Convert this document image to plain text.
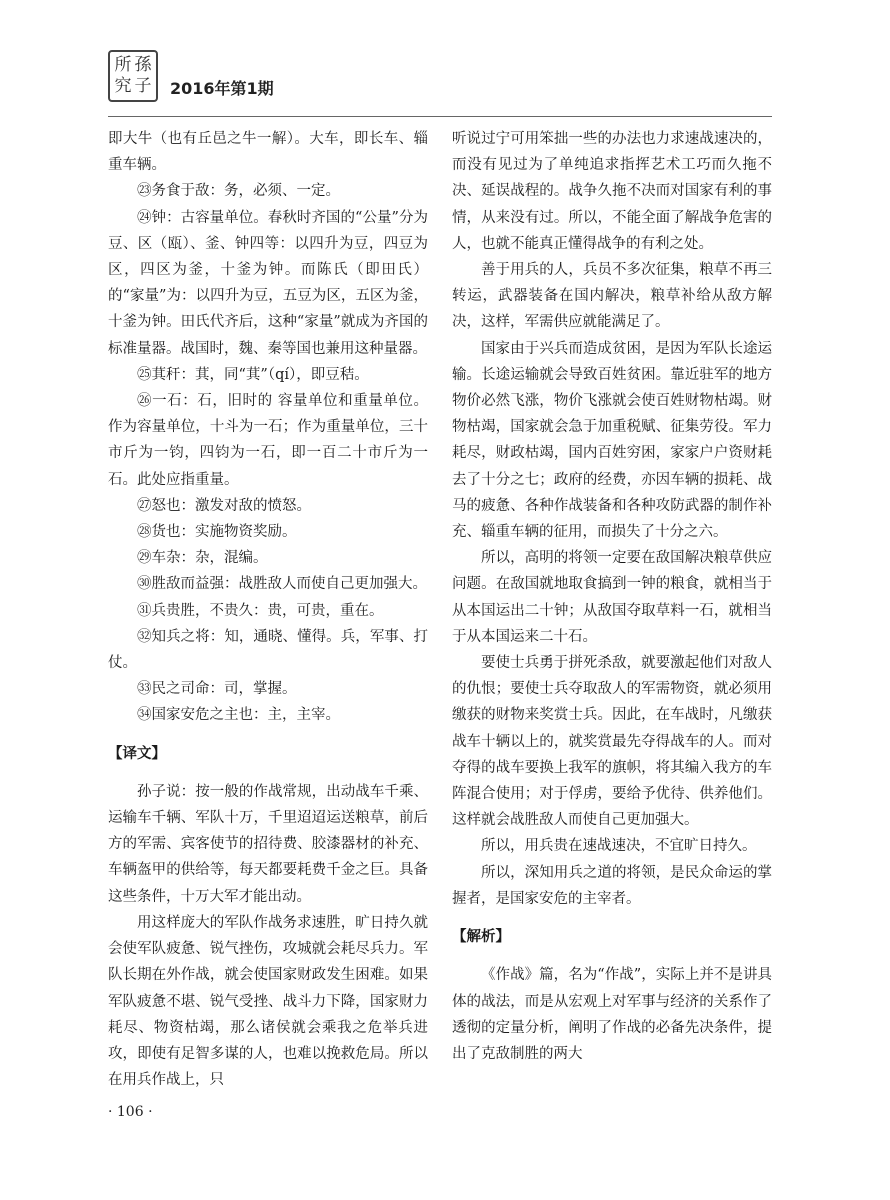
所 孫
究 子 2016年第1期

即大牛（也有丘邑之牛一解）。大车，即长车、辎重车辆。

㉓务食于敌：务，必须、一定。

㉔钟：古容量单位。春秋时齐国的“公量”分为豆、区（瓯）、釜、钟四等：以四升为豆，四豆为区，四区为釜，十釜为钟。而陈氏（即田氏）的“家量”为：以四升为豆，五豆为区，五区为釜，十釜为钟。田氏代齐后，这种“家量”就成为齐国的标准量器。战国时，魏、秦等国也兼用这种量器。

㉕萁秆：萁，同“萁”（qí），即豆秸。

㉖一石：石，旧时的 容量单位和重量单位。作为容量单位，十斗为一石；作为重量单位，三十市斤为一钧，四钧为一石，即一百二十市斤为一石。此处应指重量。

㉗怒也：激发对敌的愤怒。

㉘货也：实施物资奖励。

㉙车杂：杂，混编。

㉚胜敌而益强：战胜敌人而使自己更加强大。

㉛兵贵胜，不贵久：贵，可贵，重在。

㉜知兵之将：知，通晓、懂得。兵，军事、打仗。

㉝民之司命：司，掌握。

㉞国家安危之主也：主，主宰。

【译文】

孙子说：按一般的作战常规，出动战车千乘、运输车千辆、军队十万，千里迢迢运送粮草，前后方的军需、宾客使节的招待费、胶漆器材的补充、车辆盔甲的供给等，每天都要耗费千金之巨。具备这些条件，十万大军才能出动。

用这样庞大的军队作战务求速胜，旷日持久就会使军队疲惫、锐气挫伤，攻城就会耗尽兵力。军队长期在外作战，就会使国家财政发生困难。如果军队疲惫不堪、锐气受挫、战斗力下降，国家财力耗尽、物资枯竭，那么诸侯就会乘我之危举兵进攻，即使有足智多谋的人，也难以挽救危局。所以在用兵作战上，只

听说过宁可用笨拙一些的办法也力求速战速决的，而没有见过为了单纯追求指挥艺术工巧而久拖不决、延误战程的。战争久拖不决而对国家有利的事情，从来没有过。所以，不能全面了解战争危害的人，也就不能真正懂得战争的有利之处。

善于用兵的人，兵员不多次征集，粮草不再三转运，武器装备在国内解决，粮草补给从敌方解决，这样，军需供应就能满足了。

国家由于兴兵而造成贫困，是因为军队长途运输。长途运输就会导致百姓贫困。靠近驻军的地方物价必然飞涨，物价飞涨就会使百姓财物枯竭。财物枯竭，国家就会急于加重税赋、征集劳役。军力耗尽，财政枯竭，国内百姓穷困，家家户户资财耗去了十分之七；政府的经费，亦因车辆的损耗、战马的疲惫、各种作战装备和各种攻防武器的制作补充、辎重车辆的征用，而损失了十分之六。

所以，高明的将领一定要在敌国解决粮草供应问题。在敌国就地取食搞到一钟的粮食，就相当于从本国运出二十钟；从敌国夺取草料一石，就相当于从本国运来二十石。

要使士兵勇于拼死杀敌，就要激起他们对敌人的仇恨；要使士兵夺取敌人的军需物资，就必须用缴获的财物来奖赏士兵。因此，在车战时，凡缴获战车十辆以上的，就奖赏最先夺得战车的人。而对夺得的战车要换上我军的旗帜，将其编入我方的车阵混合使用；对于俘虏，要给予优待、供养他们。这样就会战胜敌人而使自己更加强大。

所以，用兵贵在速战速决，不宜旷日持久。

所以，深知用兵之道的将领，是民众命运的掌握者，是国家安危的主宰者。

【解析】

《作战》篇，名为“作战”，实际上并不是讲具体的战法，而是从宏观上对军事与经济的关系作了透彻的定量分析，阐明了作战的必备先决条件，提出了克敌制胜的两大

· 106 ·
